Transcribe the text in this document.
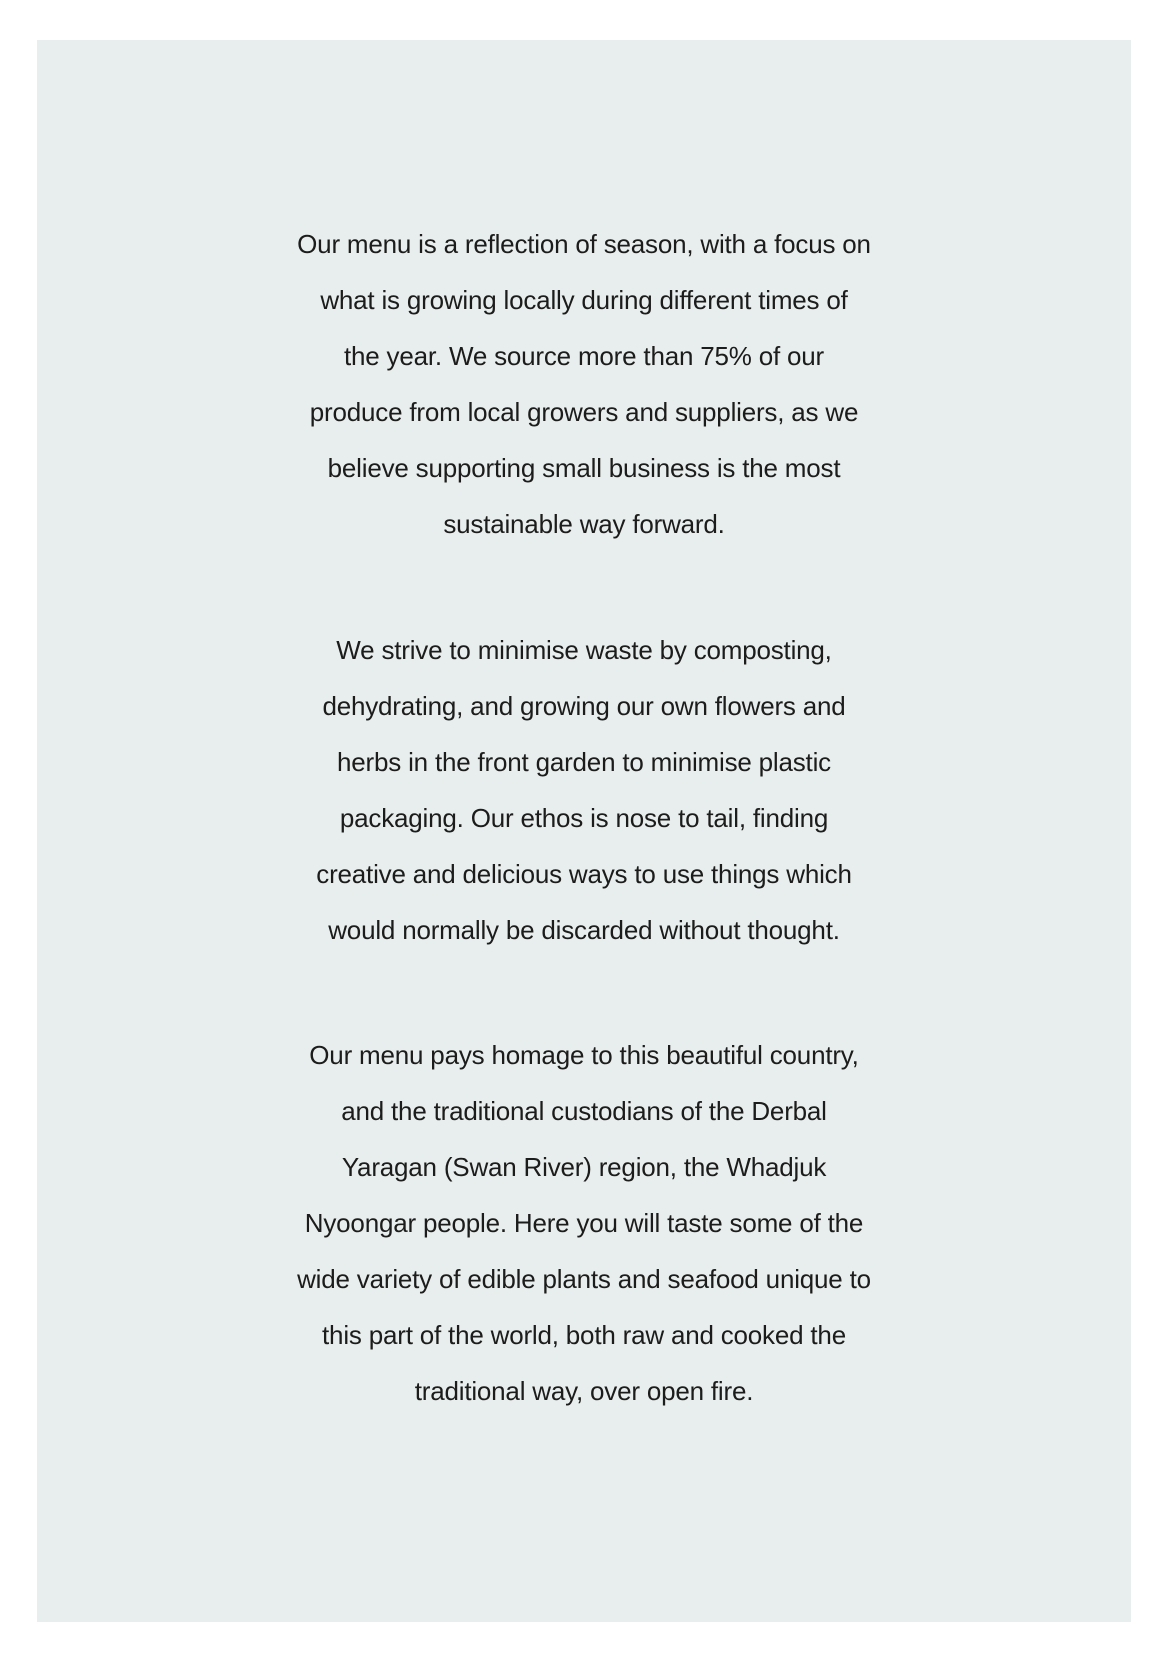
Our menu is a reflection of season, with a focus on
what is growing locally during different times of
the year. We source more than 75% of our
produce from local growers and suppliers, as we
believe supporting small business is the most
sustainable way forward.

We strive to minimise waste by composting,
dehydrating, and growing our own flowers and
herbs in the front garden to minimise plastic
packaging. Our ethos is nose to tail, finding
creative and delicious ways to use things which
would normally be discarded without thought.

Our menu pays homage to this beautiful country,
and the traditional custodians of the Derbal
Yaragan (Swan River) region, the Whadjuk
Nyoongar people. Here you will taste some of the
wide variety of edible plants and seafood unique to
this part of the world, both raw and cooked the
traditional way, over open fire.
